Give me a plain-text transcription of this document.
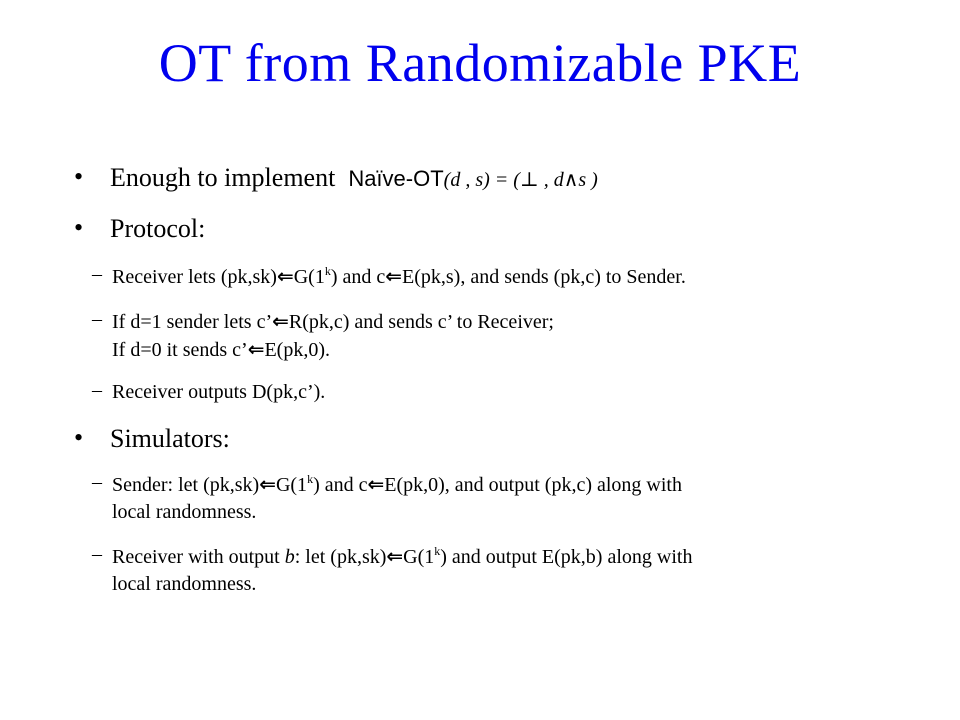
OT from Randomizable PKE
• Enough to implement Naïve-OT(d , s) = (⊥ , d∧s )
• Protocol:
– Receiver lets (pk,sk)⇐G(1$^k$) and c⇐E(pk,s), and sends (pk,c) to Sender.
– If d=1 sender lets c’⇐R(pk,c) and sends c’ to Receiver;
If d=0 it sends c’⇐E(pk,0).
– Receiver outputs D(pk,c’).
• Simulators:
– Sender: let (pk,sk)⇐G(1$^k$) and c⇐E(pk,0), and output (pk,c) along with
local randomness.
– Receiver with output b: let (pk,sk)⇐G(1$^k$) and output E(pk,b) along with
local randomness.
